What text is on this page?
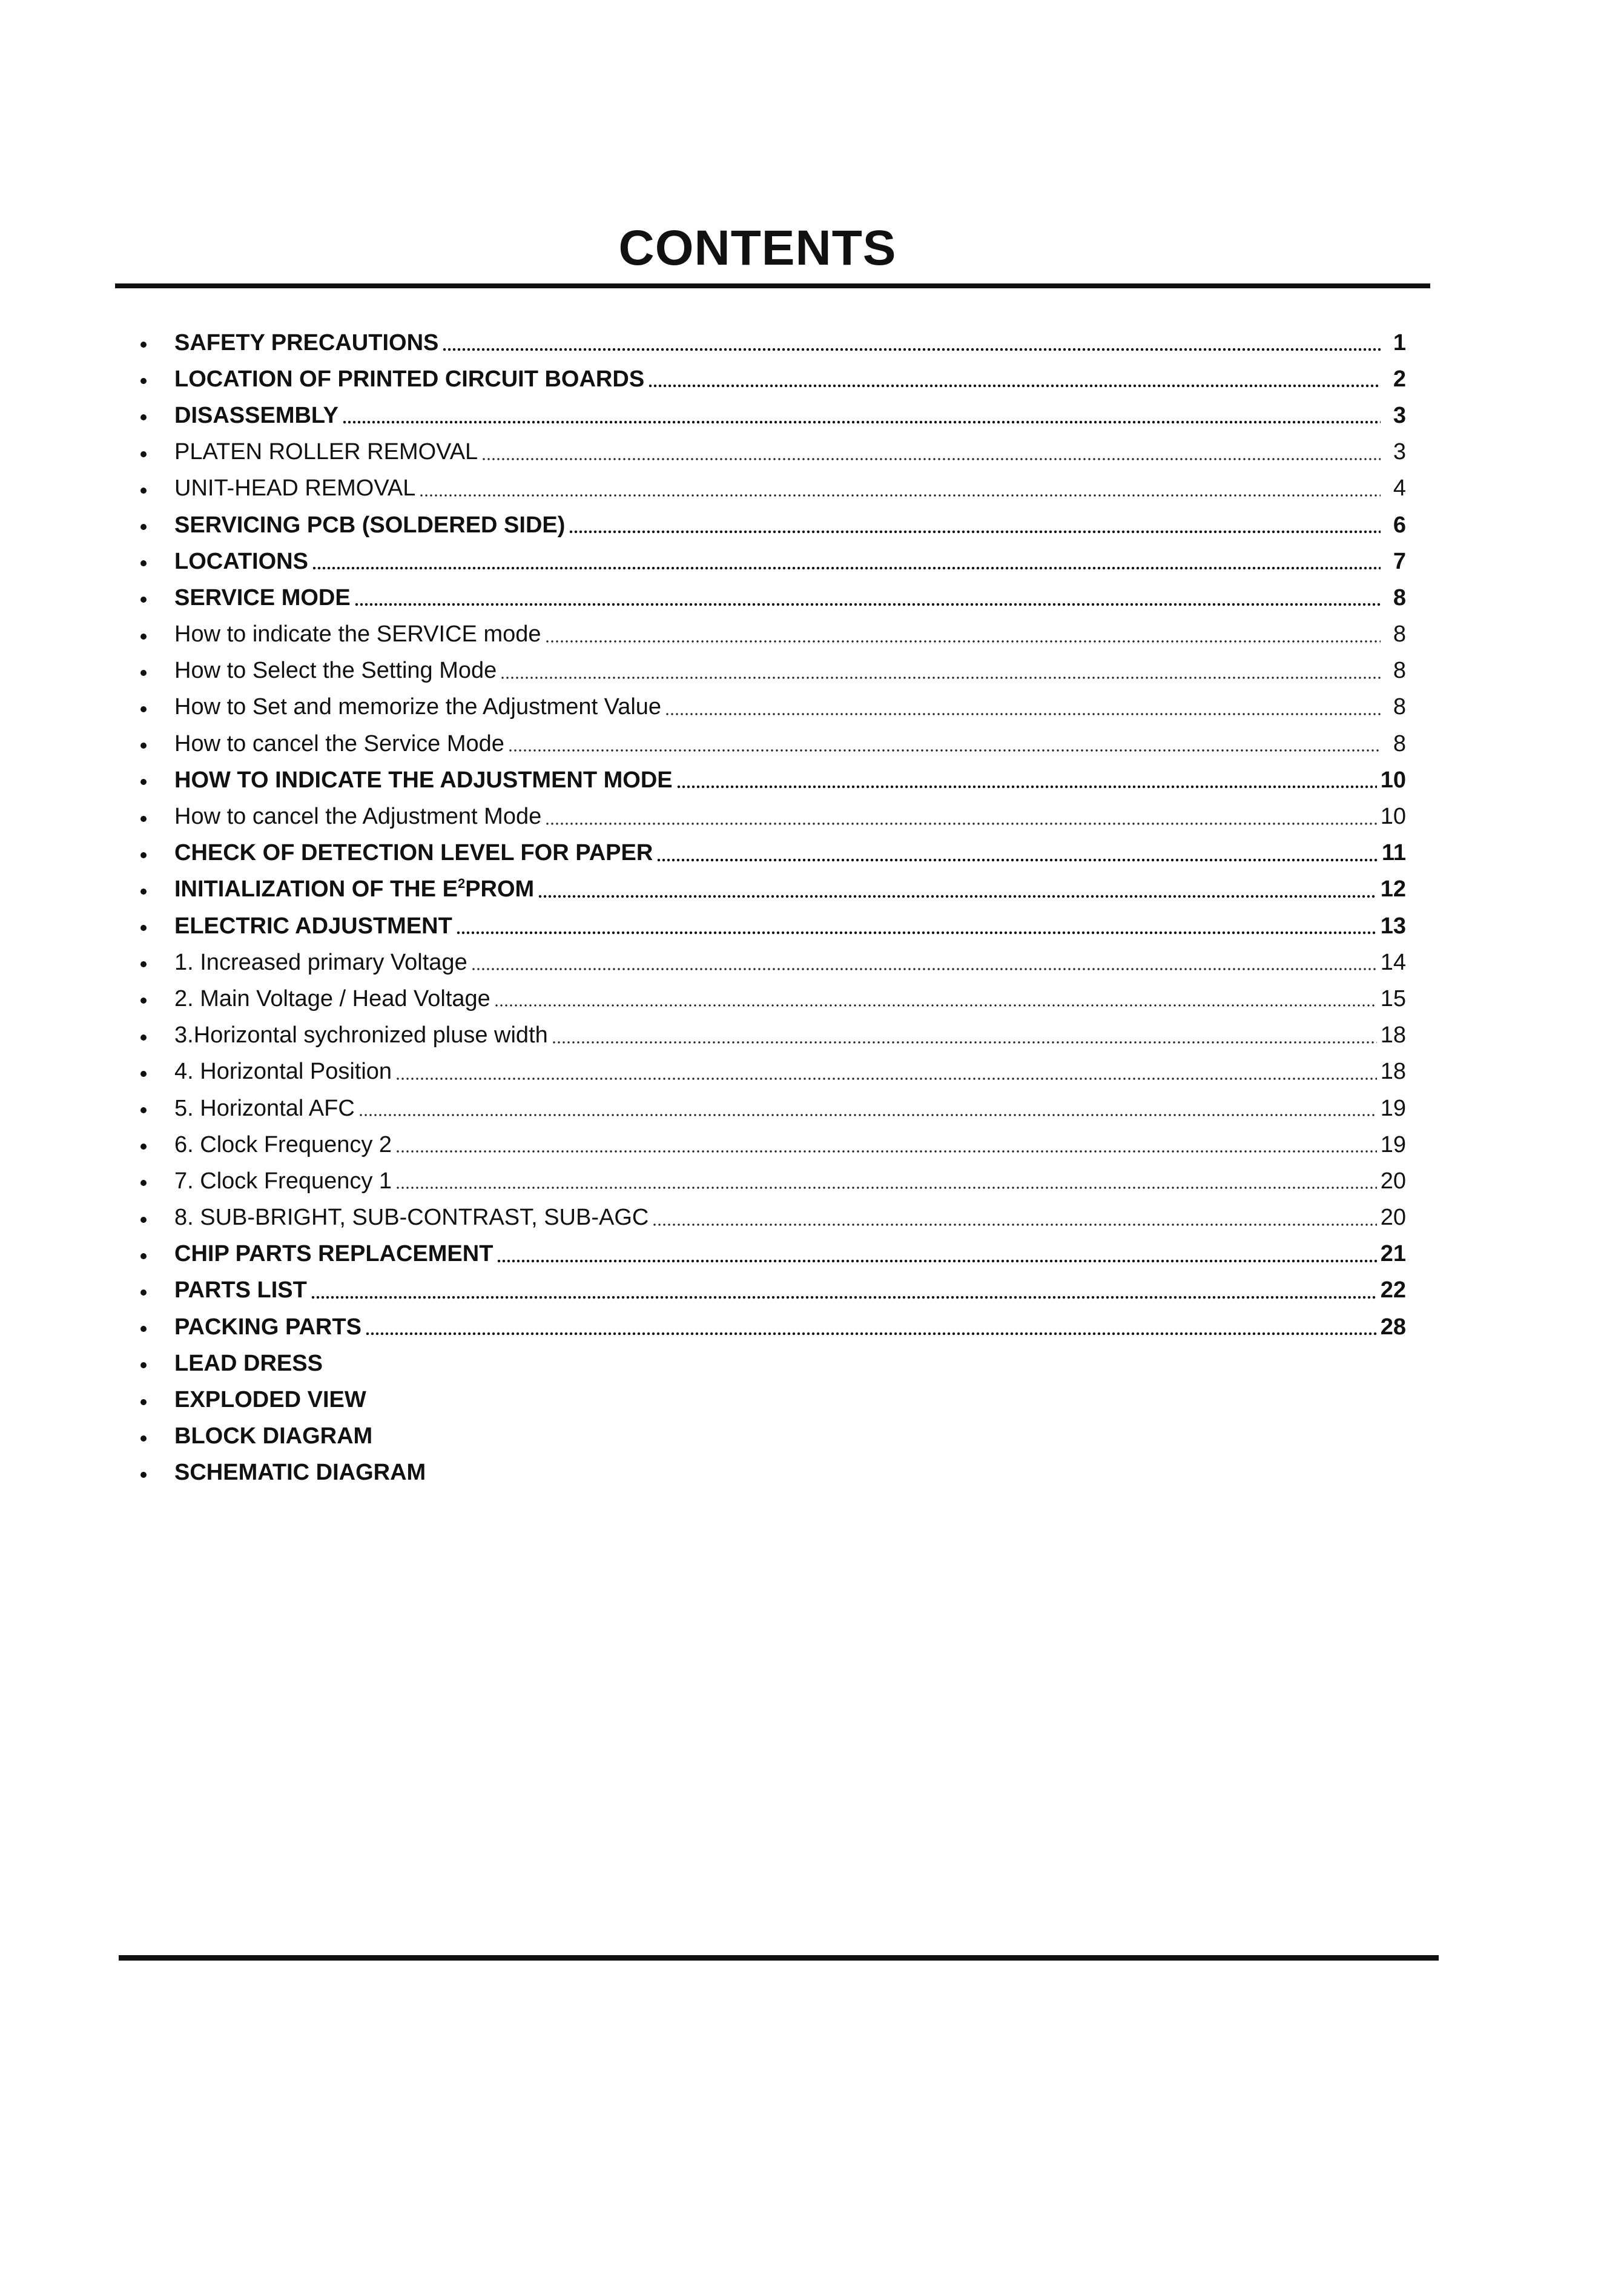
CONTENTS
SAFETY PRECAUTIONS	1
LOCATION OF PRINTED CIRCUIT BOARDS	2
DISASSEMBLY	3
PLATEN ROLLER REMOVAL	3
UNIT-HEAD REMOVAL	4
SERVICING PCB (SOLDERED SIDE)	6
LOCATIONS	7
SERVICE MODE	8
How to indicate the SERVICE mode	8
How to Select the Setting Mode	8
How to Set and memorize the Adjustment Value	8
How to cancel the Service Mode	8
HOW TO INDICATE THE ADJUSTMENT MODE	10
How to cancel the Adjustment Mode	10
CHECK OF DETECTION LEVEL FOR PAPER	11
INITIALIZATION OF THE $E^2PROM$	12
ELECTRIC ADJUSTMENT	13
1. Increased primary Voltage	14
2. Main Voltage / Head Voltage	15
3.Horizontal sychronized pluse width	18
4. Horizontal Position	18
5. Horizontal AFC	19
6. Clock Frequency 2	19
7. Clock Frequency 1	20
8. SUB-BRIGHT, SUB-CONTRAST, SUB-AGC	20
CHIP PARTS REPLACEMENT	21
PARTS LIST	22
PACKING PARTS	28
LEAD DRESS
EXPLODED VIEW
BLOCK DIAGRAM
SCHEMATIC DIAGRAM
